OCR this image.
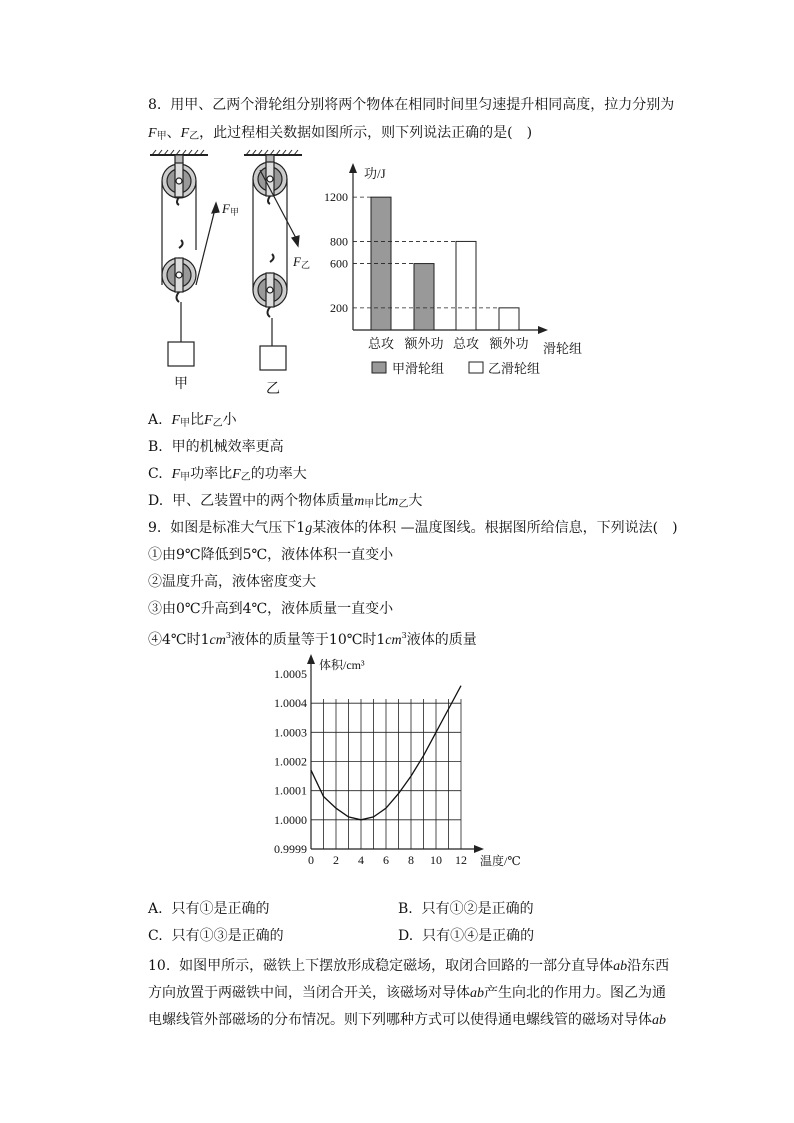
8. 用甲、乙两个滑轮组分别将两个物体在相同时间里匀速提升相同高度，拉力分别为
$F_甲$、$F_乙$，此过程相关数据如图所示，则下列说法正确的是(　)
F甲
甲
F乙
乙
总攻 额外功 总攻 额外功
1200
800
600
200
功/J
滑轮组
甲滑轮组	乙滑轮组
A. $F_甲$比$F_乙$小
B. 甲的机械效率更高
C. $F_甲$功率比$F_乙$的功率大
D. 甲、乙装置中的两个物体质量$m_甲$比$m_乙$大
9. 如图是标准大气压下1g某液体的体积 —温度图线。根据图所给信息，下列说法(　)
①由9℃降低到5℃，液体体积一直变小
②温度升高，液体密度变大
③由0℃升高到4℃，液体质量一直变小
④4℃时$1cm^3$液体的质量等于10℃时$1cm^3$液体的质量
0.9999
1.0000
1.0001
1.0002
1.0003
1.0004
1.0005
0 2 4 6 8 10 12
体积/cm³
温度/℃
A. 只有①是正确的	B. 只有①②是正确的
C. 只有①③是正确的	D. 只有①④是正确的
10. 如图甲所示，磁铁上下摆放形成稳定磁场，取闭合回路的一部分直导体ab沿东西
方向放置于两磁铁中间，当闭合开关，该磁场对导体ab产生向北的作用力。图乙为通
电螺线管外部磁场的分布情况。则下列哪种方式可以使得通电螺线管的磁场对导体ab
